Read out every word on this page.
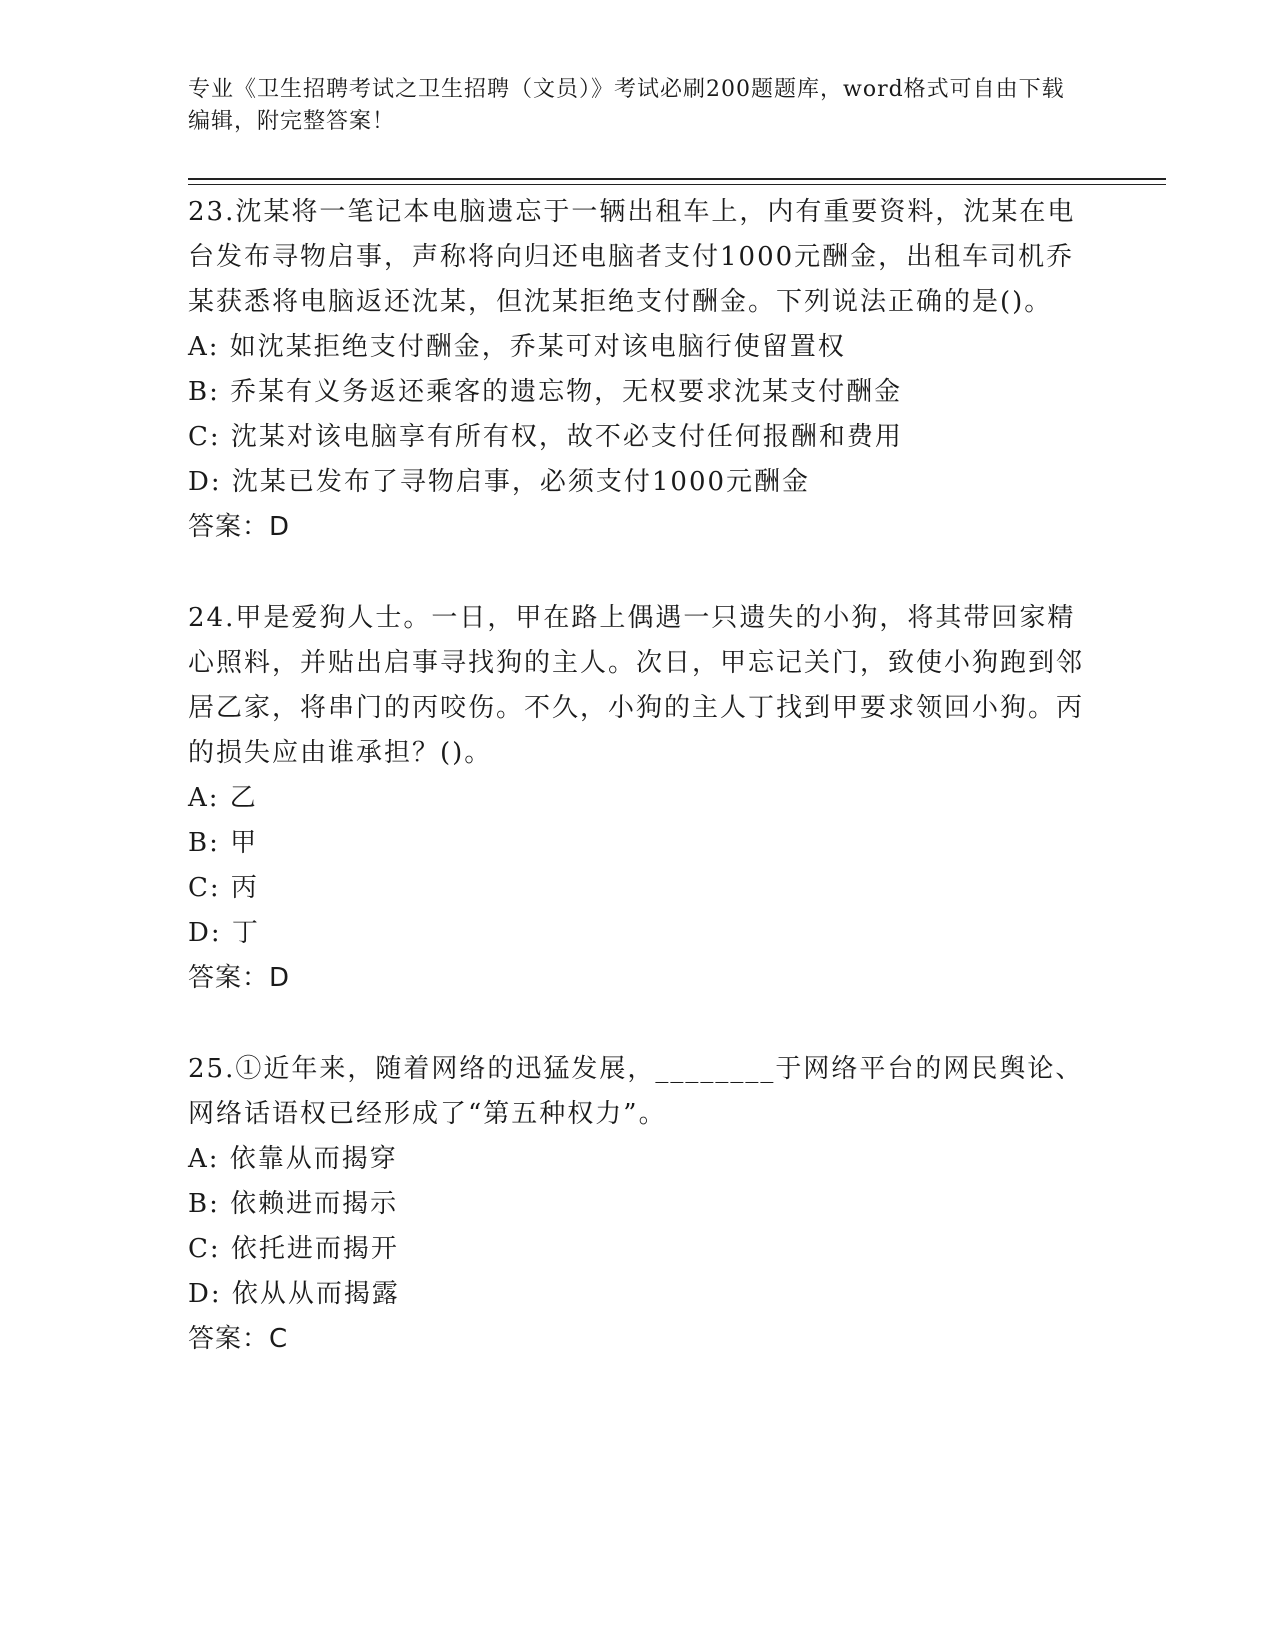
专业《卫生招聘考试之卫生招聘（文员）》考试必刷200题题库，word格式可自由下载编辑，附完整答案！

23.沈某将一笔记本电脑遗忘于一辆出租车上，内有重要资料，沈某在电台发布寻物启事，声称将向归还电脑者支付1000元酬金，出租车司机乔某获悉将电脑返还沈某，但沈某拒绝支付酬金。下列说法正确的是()。

A: 如沈某拒绝支付酬金，乔某可对该电脑行使留置权

B: 乔某有义务返还乘客的遗忘物，无权要求沈某支付酬金

C: 沈某对该电脑享有所有权，故不必支付任何报酬和费用

D: 沈某已发布了寻物启事，必须支付1000元酬金

答案：D

24.甲是爱狗人士。一日，甲在路上偶遇一只遗失的小狗，将其带回家精心照料，并贴出启事寻找狗的主人。次日，甲忘记关门，致使小狗跑到邻居乙家，将串门的丙咬伤。不久，小狗的主人丁找到甲要求领回小狗。丙的损失应由谁承担？()。

A: 乙

B: 甲

C: 丙

D: 丁

答案：D

25.①近年来，随着网络的迅猛发展，________于网络平台的网民舆论、网络话语权已经形成了“第五种权力”。

A: 依靠从而揭穿

B: 依赖进而揭示

C: 依托进而揭开

D: 依从从而揭露

答案：C
